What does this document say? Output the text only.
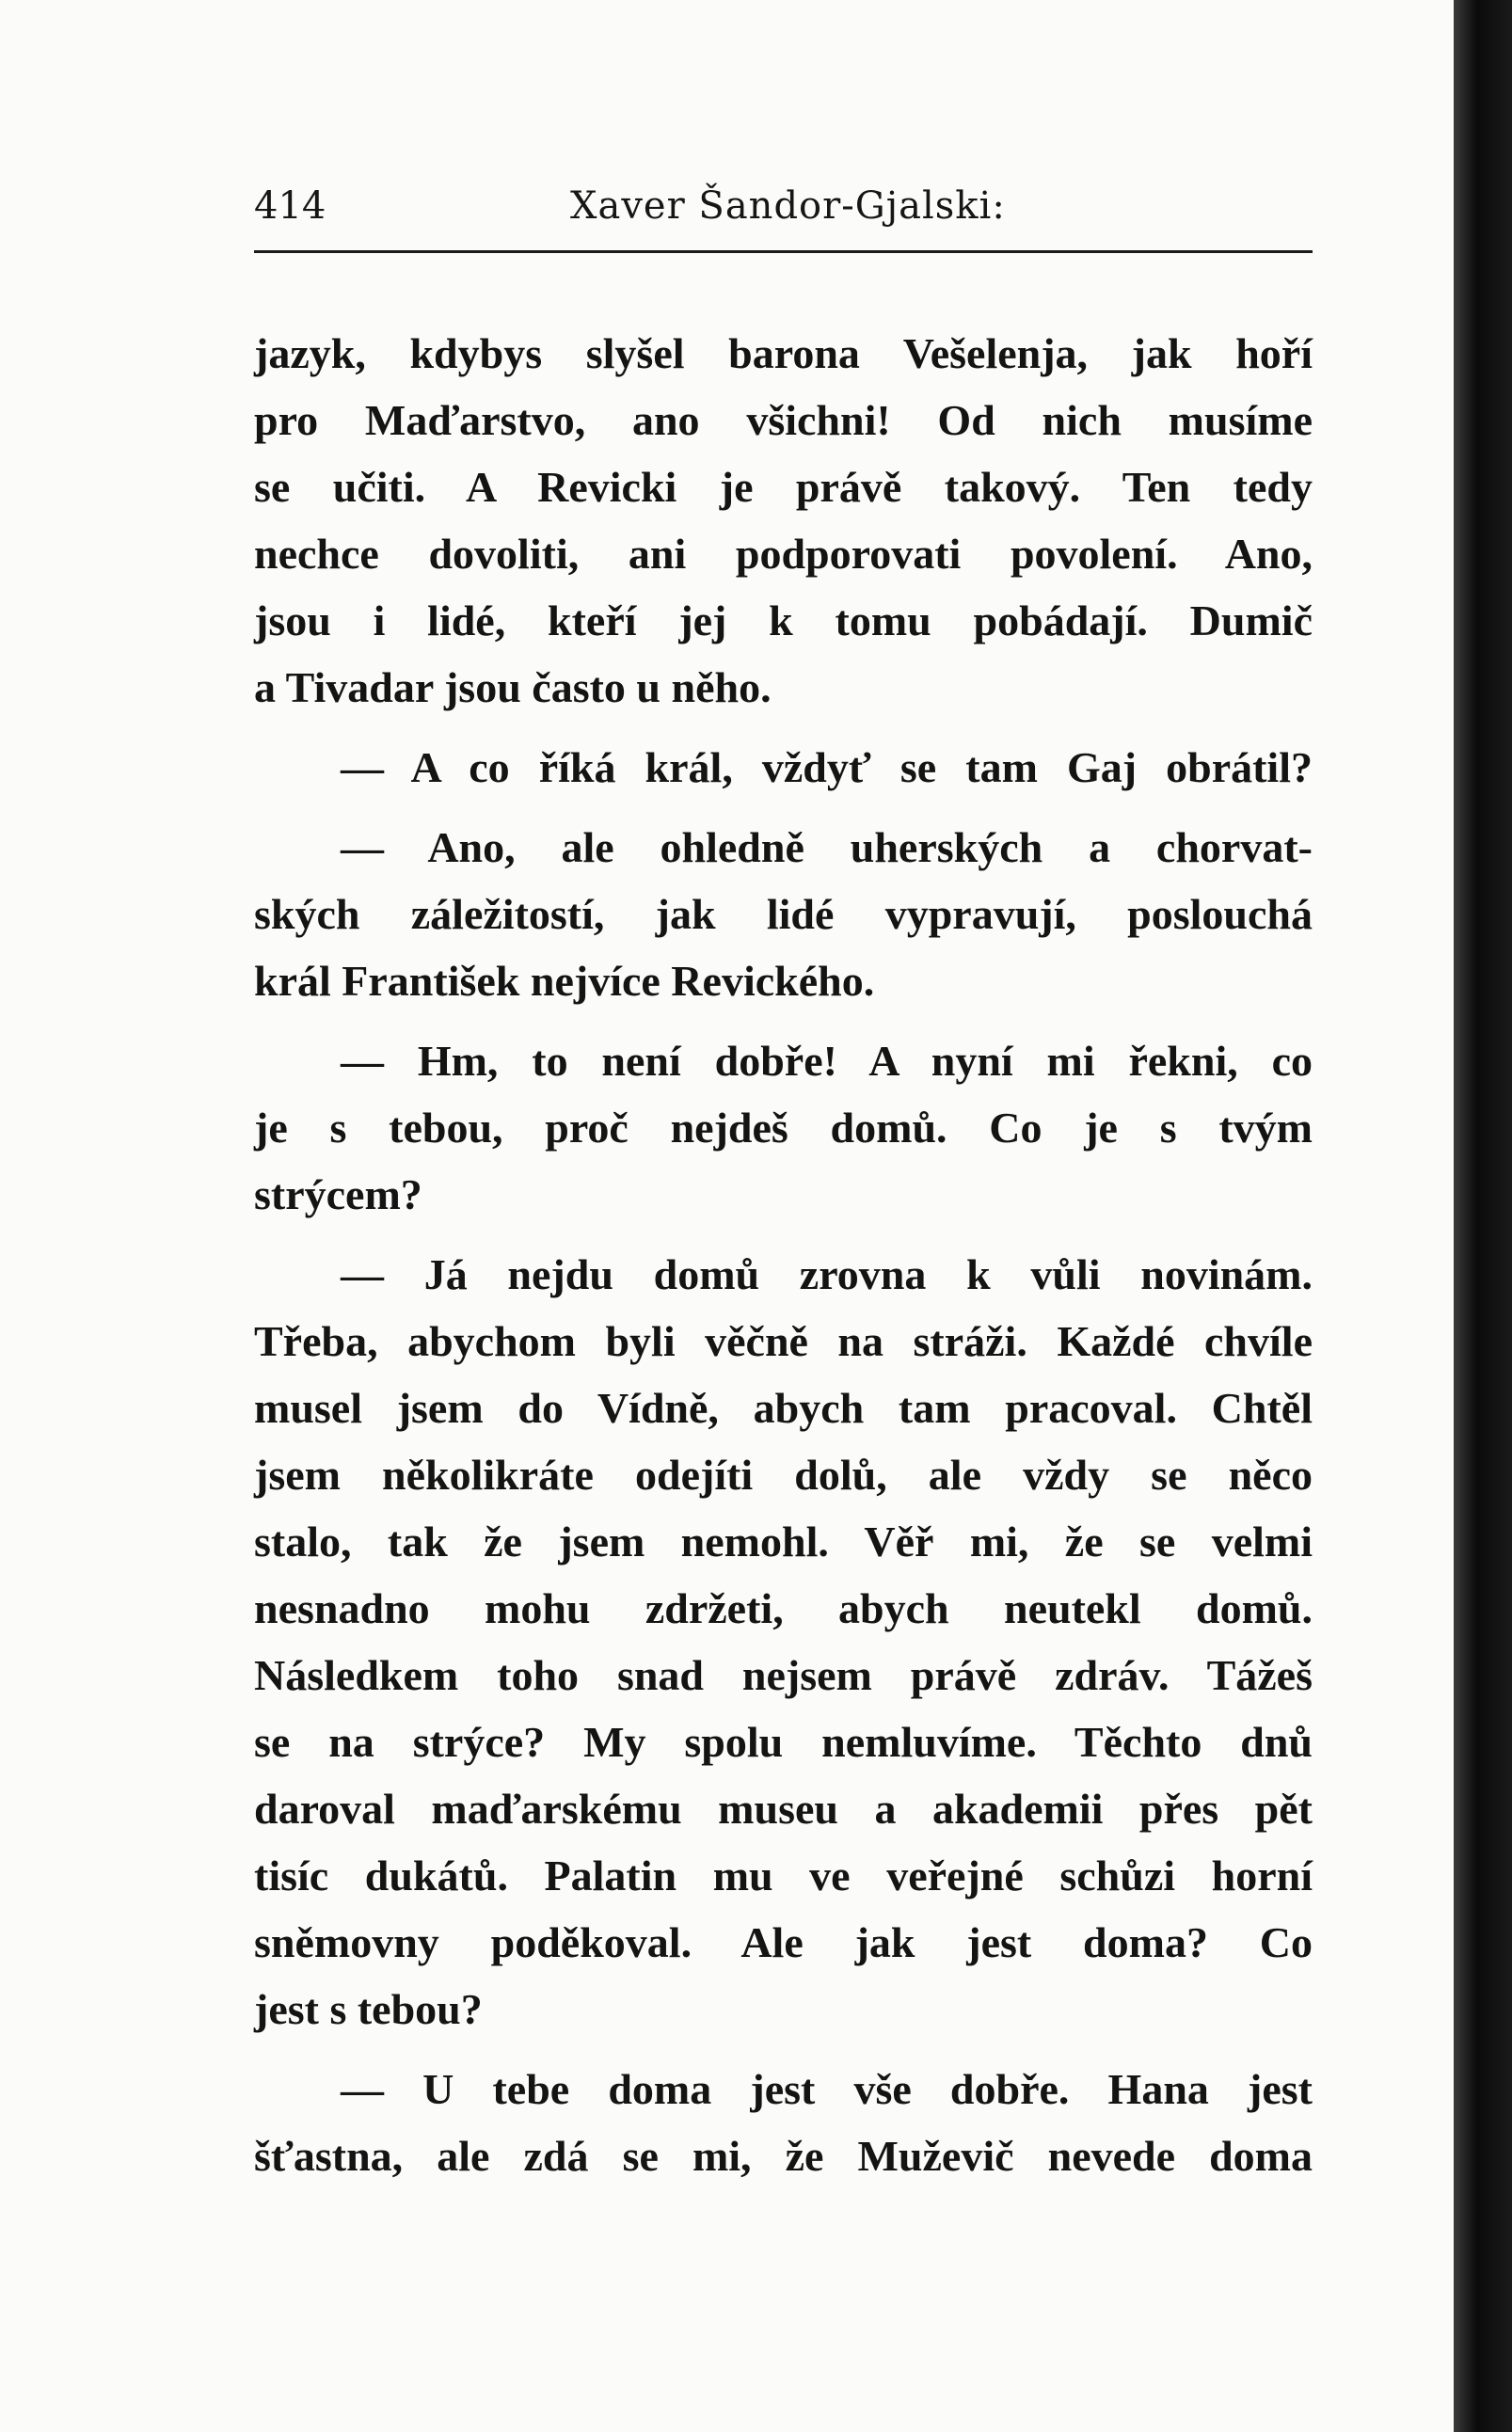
414	Xaver Šandor-Gjalski:
jazyk, kdybys slyšel barona Vešelenja, jak hoří
pro Maďarstvo, ano všichni! Od nich musíme
se učiti. A Revicki je právě takový. Ten tedy
nechce dovoliti, ani podporovati povolení. Ano,
jsou i lidé, kteří jej k tomu pobádají. Dumič
a Tivadar jsou často u něho.
— A co říká král, vždyť se tam Gaj obrátil?
— Ano, ale ohledně uherských a chorvat-
ských záležitostí, jak lidé vypravují, poslouchá
král František nejvíce Revického.
— Hm, to není dobře! A nyní mi řekni, co
je s tebou, proč nejdeš domů. Co je s tvým
strýcem?
— Já nejdu domů zrovna k vůli novinám.
Třeba, abychom byli věčně na stráži. Každé chvíle
musel jsem do Vídně, abych tam pracoval. Chtěl
jsem několikráte odejíti dolů, ale vždy se něco
stalo, tak že jsem nemohl. Věř mi, že se velmi
nesnadno mohu zdržeti, abych neutekl domů.
Následkem toho snad nejsem právě zdráv. Tážeš
se na strýce? My spolu nemluvíme. Těchto dnů
daroval maďarskému museu a akademii přes pět
tisíc dukátů. Palatin mu ve veřejné schůzi horní
sněmovny poděkoval. Ale jak jest doma? Co
jest s tebou?
— U tebe doma jest vše dobře. Hana jest
šťastna, ale zdá se mi, že Muževič nevede doma
